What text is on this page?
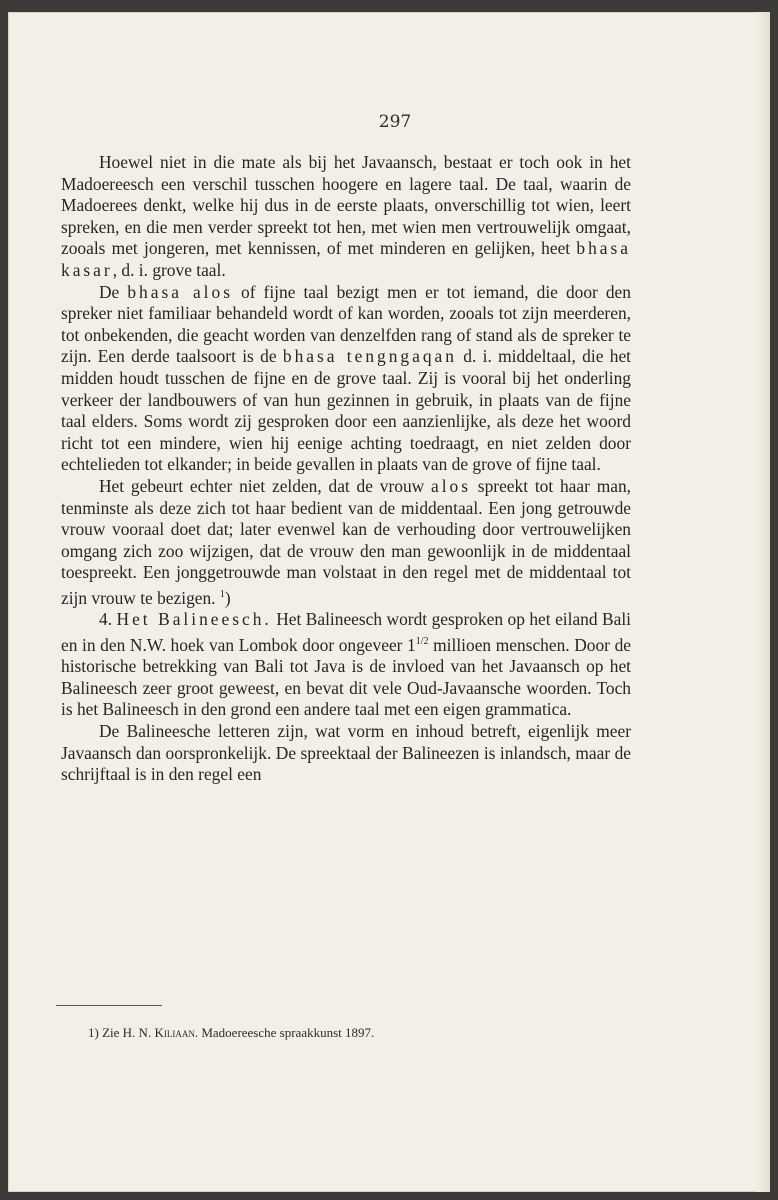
297

Hoewel niet in die mate als bij het Javaansch, bestaat er toch ook in het Madoereesch een verschil tusschen hoogere en lagere taal. De taal, waarin de Madoerees denkt, welke hij dus in de eerste plaats, onverschillig tot wien, leert spreken, en die men verder spreekt tot hen, met wien men vertrouwelijk omgaat, zooals met jongeren, met kennissen, of met minderen en gelijken, heet bhasa kasar, d. i. grove taal.

De bhasa alos of fijne taal bezigt men er tot iemand, die door den spreker niet familiaar behandeld wordt of kan worden, zooals tot zijn meerderen, tot onbekenden, die geacht worden van denzelfden rang of stand als de spreker te zijn. Een derde taalsoort is de bhasa tengngaqan d. i. middeltaal, die het midden houdt tusschen de fijne en de grove taal. Zij is vooral bij het onderling verkeer der landbouwers of van hun gezinnen in gebruik, in plaats van de fijne taal elders. Soms wordt zij gesproken door een aanzienlijke, als deze het woord richt tot een mindere, wien hij eenige achting toedraagt, en niet zelden door echtelieden tot elkander; in beide gevallen in plaats van de grove of fijne taal.

Het gebeurt echter niet zelden, dat de vrouw alos spreekt tot haar man, tenminste als deze zich tot haar bedient van de middentaal. Een jong getrouwde vrouw vooraal doet dat; later evenwel kan de verhouding door vertrouwelijken omgang zich zoo wijzigen, dat de vrouw den man gewoonlijk in de middentaal toespreekt. Een jonggetrouwde man volstaat in den regel met de middentaal tot zijn vrouw te bezigen. $^1$)

4. Het Balineesch. Het Balineesch wordt gesproken op het eiland Bali en in den N.W. hoek van Lombok door ongeveer $1^{1/2}$ millioen menschen. Door de historische betrekking van Bali tot Java is de invloed van het Javaansch op het Balineesch zeer groot geweest, en bevat dit vele Oud-Javaansche woorden. Toch is het Balineesch in den grond een andere taal met een eigen grammatica.

De Balineesche letteren zijn, wat vorm en inhoud betreft, eigenlijk meer Javaansch dan oorspronkelijk. De spreektaal der Balineezen is inlandsch, maar de schrijftaal is in den regel een

1) Zie H. N. Kiliaan. Madoereesche spraakkunst 1897.
